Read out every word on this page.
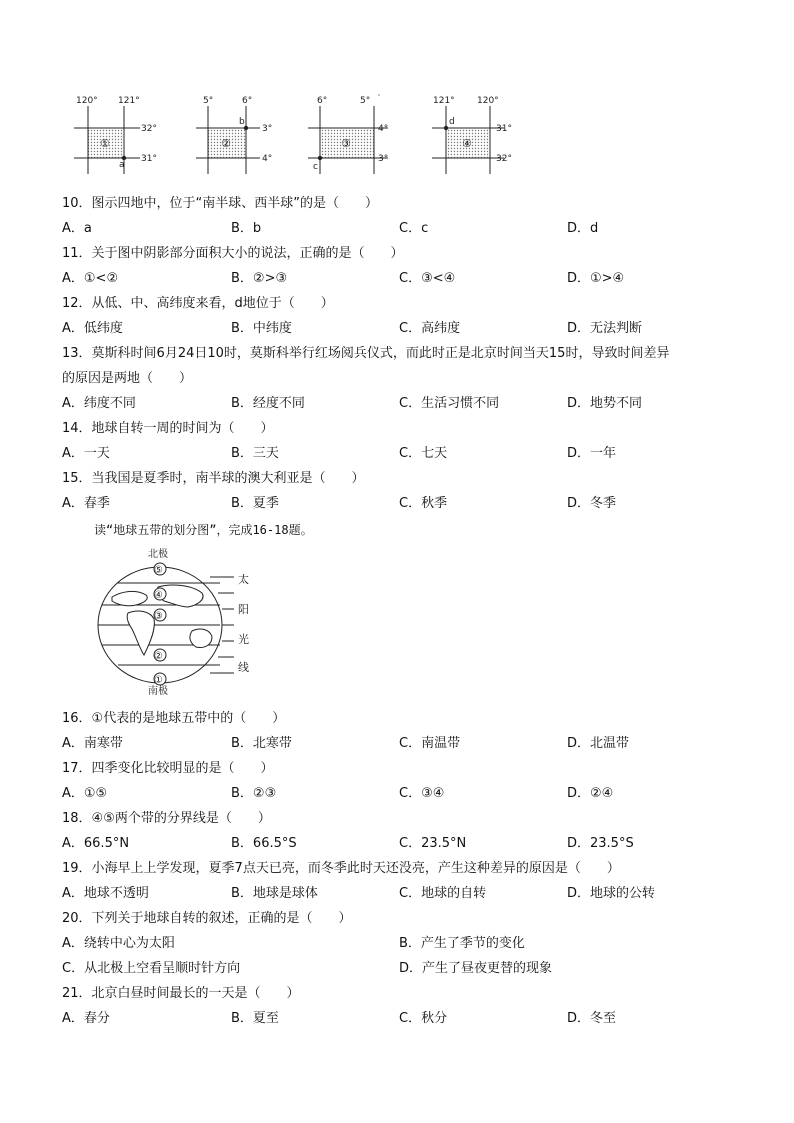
120° 121°
32°
31°
a
①
5°	6°
3°
4°
b
②
6°	5° '
4°
3°
c
③
121° 120°
31°
32°
d
④
10．图示四地中，位于“南半球、西半球”的是（　　）
A．a	B．b	C．c	D．d
11．关于图中阴影部分面积大小的说法，正确的是（　　）
A．①<②	B．②>③	C．③<④	D．①>④
12．从低、中、高纬度来看，d地位于（　　）
A．低纬度	B．中纬度	C．高纬度	D．无法判断
13．莫斯科时间6月24日10时，莫斯科举行红场阅兵仪式，而此时正是北京时间当天15时，导致时间差异
的原因是两地（　　）
A．纬度不同	B．经度不同	C．生活习惯不同	D．地势不同
14．地球自转一周的时间为（　　）
A．一天	B．三天	C．七天	D．一年
15．当我国是夏季时，南半球的澳大利亚是（　　）
A．春季	B．夏季	C．秋季	D．冬季
读“地球五带的划分图”，完成16-18题。
北极
⑤
④
③
②
①
太
阳
光
线
南极
16．①代表的是地球五带中的（　　）
A．南寒带	B．北寒带	C．南温带	D．北温带
17．四季变化比较明显的是（　　）
A．①⑤	B．②③	C．③④	D．②④
18．④⑤两个带的分界线是（　　）
A．66.5°N	B．66.5°S	C．23.5°N	D．23.5°S
19．小海早上上学发现，夏季7点天已亮，而冬季此时天还没亮，产生这种差异的原因是（　　）
A．地球不透明	B．地球是球体	C．地球的自转	D．地球的公转
20．下列关于地球自转的叙述，正确的是（　　）
A．绕转中心为太阳	B．产生了季节的变化
C．从北极上空看呈顺时针方向	D．产生了昼夜更替的现象
21．北京白昼时间最长的一天是（　　）
A．春分	B．夏至	C．秋分	D．冬至
